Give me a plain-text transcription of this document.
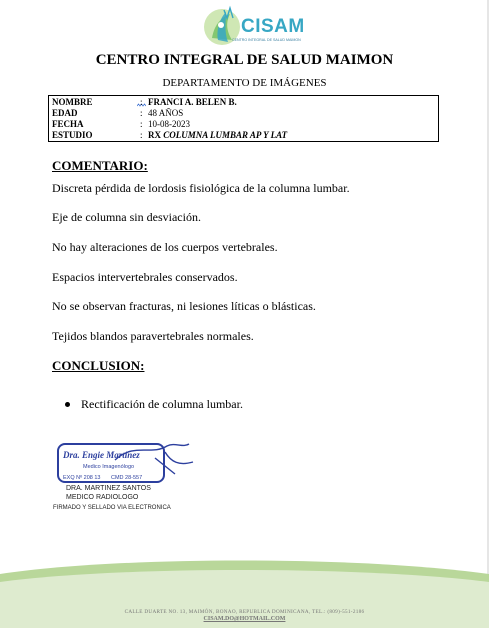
CISAM
CENTRO INTEGRAL DE SALUD MAIMON
CENTRO INTEGRAL DE SALUD MAIMON
DEPARTAMENTO DE IMÁGENES
NOMBRE	: FRANCI A. BELEN B.
EDAD	: 48 AÑOS
FECHA	: 10-08-2023
ESTUDIO	: RX COLUMNA LUMBAR AP Y LAT
COMENTARIO:
Discreta pérdida de lordosis fisiológica de la columna lumbar.
Eje de columna sin desviación.
No hay alteraciones de los cuerpos vertebrales.
Espacios intervertebrales conservados.
No se observan fracturas, ni lesiones líticas o blásticas.
Tejidos blandos paravertebrales normales.
CONCLUSION:
Rectificación de columna lumbar.
Dra. Engie Martinez
Medico Imagenólogo
EXQ Nº 208 13 CMD 28-557
DRA. MARTINEZ SANTOS
MEDICO RADIOLOGO
FIRMADO Y SELLADO VIA ELECTRONICA
CALLE DUARTE NO. 13, MAIMÓN, BONAO, REPUBLICA DOMINICANA, TEL.: (809)-551-2186
CISAM.DO@HOTMAIL.COM
